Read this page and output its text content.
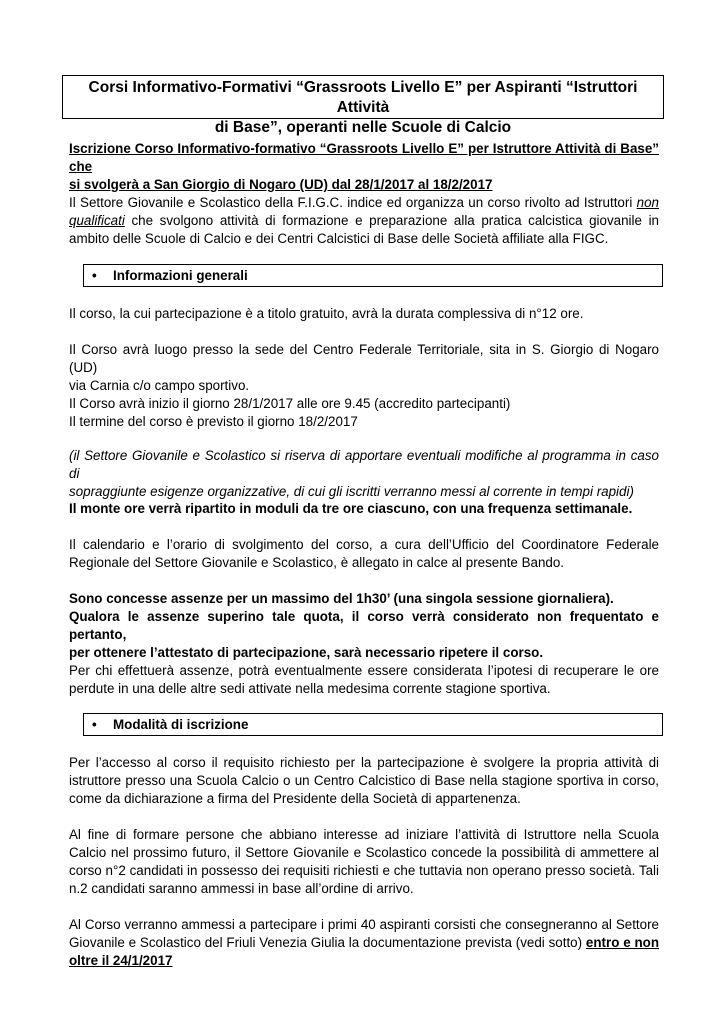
Corsi Informativo-Formativi “Grassroots Livello E” per Aspiranti “Istruttori Attività
di Base”, operanti nelle Scuole di Calcio
Iscrizione Corso Informativo-formativo “Grassroots Livello E” per Istruttore Attività di Base” che
si svolgerà a San Giorgio di Nogaro (UD) dal 28/1/2017 al 18/2/2017
Il Settore Giovanile e Scolastico della F.I.G.C. indice ed organizza un corso rivolto ad Istruttori non
qualificati che svolgono attività di formazione e preparazione alla pratica calcistica giovanile in
ambito delle Scuole di Calcio e dei Centri Calcistici di Base delle Società affiliate alla FIGC.
• Informazioni generali
Il corso, la cui partecipazione è a titolo gratuito, avrà la durata complessiva di n°12 ore.
Il Corso avrà luogo presso la sede del Centro Federale Territoriale, sita in S. Giorgio di Nogaro (UD)
via Carnia c/o campo sportivo.
Il Corso avrà inizio il giorno 28/1/2017 alle ore 9.45 (accredito partecipanti)
Il termine del corso è previsto il giorno 18/2/2017
(il Settore Giovanile e Scolastico si riserva di apportare eventuali modifiche al programma in caso di
sopraggiunte esigenze organizzative, di cui gli iscritti verranno messi al corrente in tempi rapidi)
Il monte ore verrà ripartito in moduli da tre ore ciascuno, con una frequenza settimanale.
Il calendario e l’orario di svolgimento del corso, a cura dell’Ufficio del Coordinatore Federale
Regionale del Settore Giovanile e Scolastico, è allegato in calce al presente Bando.
Sono concesse assenze per un massimo del 1h30’ (una singola sessione giornaliera).
Qualora le assenze superino tale quota, il corso verrà considerato non frequentato e pertanto,
per ottenere l’attestato di partecipazione, sarà necessario ripetere il corso.
Per chi effettuerà assenze, potrà eventualmente essere considerata l’ipotesi di recuperare le ore
perdute in una delle altre sedi attivate nella medesima corrente stagione sportiva.
• Modalità di iscrizione
Per l’accesso al corso il requisito richiesto per la partecipazione è svolgere la propria attività di
istruttore presso una Scuola Calcio o un Centro Calcistico di Base nella stagione sportiva in corso,
come da dichiarazione a firma del Presidente della Società di appartenenza.
Al fine di formare persone che abbiano interesse ad iniziare l’attività di Istruttore nella Scuola
Calcio nel prossimo futuro, il Settore Giovanile e Scolastico concede la possibilità di ammettere al
corso n°2 candidati in possesso dei requisiti richiesti e che tuttavia non operano presso società. Tali
n.2 candidati saranno ammessi in base all’ordine di arrivo.
Al Corso verranno ammessi a partecipare i primi 40 aspiranti corsisti che consegneranno al Settore
Giovanile e Scolastico del Friuli Venezia Giulia la documentazione prevista (vedi sotto) entro e non
oltre il 24/1/2017
